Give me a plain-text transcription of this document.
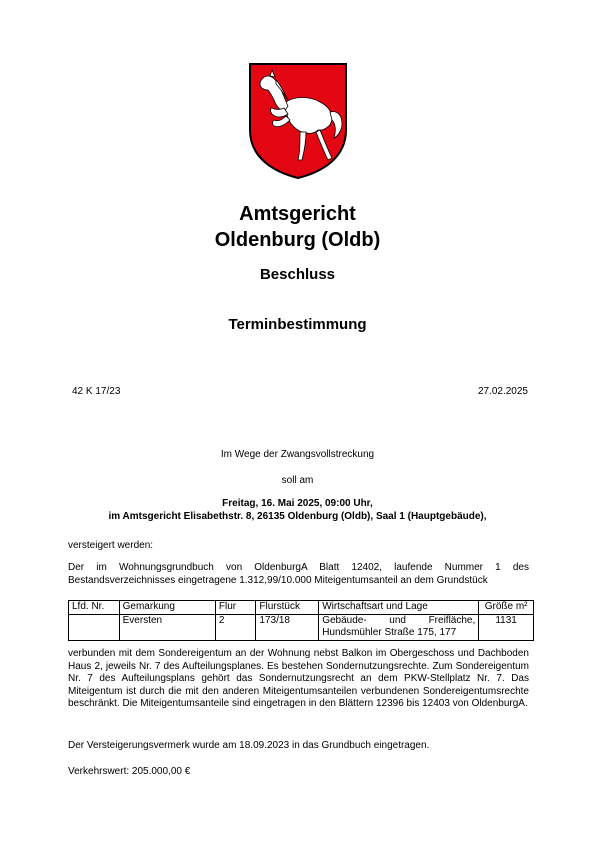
Amtsgericht
Oldenburg (Oldb)
Beschluss
Terminbestimmung
42 K 17/23	27.02.2025
Im Wege der Zwangsvollstreckung
soll am
Freitag, 16. Mai 2025, 09:00 Uhr,
im Amtsgericht Elisabethstr. 8, 26135 Oldenburg (Oldb), Saal 1 (Hauptgebäude),
versteigert werden:
Der im Wohnungsgrundbuch von OldenburgA Blatt 12402, laufende Nummer 1 des Bestandsverzeichnisses eingetragene 1.312,99/10.000 Miteigentumsanteil an dem Grundstück
Lfd. Nr.	Gemarkung	Flur	Flurstück	Wirtschaftsart und Lage	Größe m²
	Eversten	2	173/18	Gebäude- und Freifläche,
Hundsmühler Straße 175, 177	1131
verbunden mit dem Sondereigentum an der Wohnung nebst Balkon im Obergeschoss und Dachboden Haus 2, jeweils Nr. 7 des Aufteilungsplanes. Es bestehen Sondernutzungsrechte. Zum Sondereigentum Nr. 7 des Aufteilungsplans gehört das Sondernutzungsrecht an dem PKW-Stellplatz Nr. 7. Das Miteigentum ist durch die mit den anderen Miteigentumsanteilen verbundenen Sondereigentumsrechte beschränkt. Die Miteigentumsanteile sind eingetragen in den Blättern 12396 bis 12403 von OldenburgA.
Der Versteigerungsvermerk wurde am 18.09.2023 in das Grundbuch eingetragen.
Verkehrswert: 205.000,00 €
